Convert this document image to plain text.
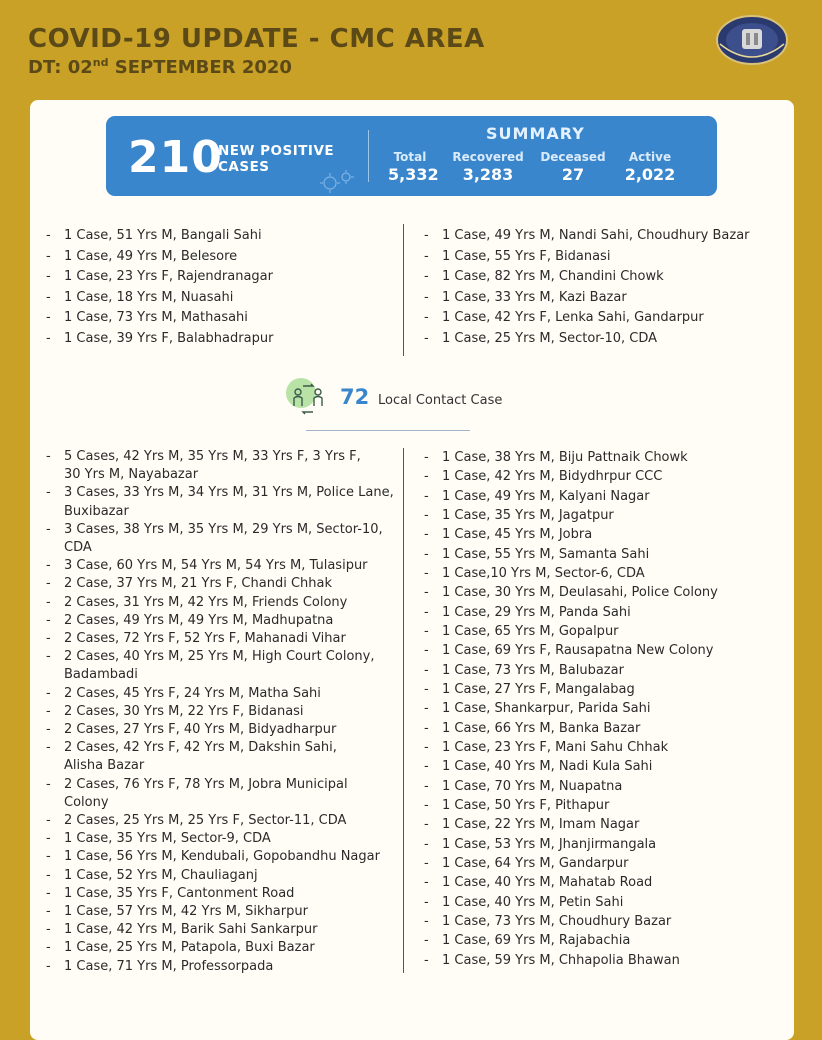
COVID-19 UPDATE - CMC AREA
DT: 02nd SEPTEMBER 2020
210
NEW POSITIVE
CASES
SUMMARY
Total
5,332
Recovered
3,283
Deceased
27
Active
2,022
- 1 Case, 51 Yrs M, Bangali Sahi
- 1 Case, 49 Yrs M, Belesore
- 1 Case, 23 Yrs F, Rajendranagar
- 1 Case, 18 Yrs M, Nuasahi
- 1 Case, 73 Yrs M, Mathasahi
- 1 Case, 39 Yrs F, Balabhadrapur
- 1 Case, 49 Yrs M, Nandi Sahi, Choudhury Bazar
- 1 Case, 55 Yrs F, Bidanasi
- 1 Case, 82 Yrs M, Chandini Chowk
- 1 Case, 33 Yrs M, Kazi Bazar
- 1 Case, 42 Yrs F, Lenka Sahi, Gandarpur
- 1 Case, 25 Yrs M, Sector-10, CDA
72 Local Contact Case
- 5 Cases, 42 Yrs M, 35 Yrs M, 33 Yrs F, 3 Yrs F,
30 Yrs M, Nayabazar
- 3 Cases, 33 Yrs M, 34 Yrs M, 31 Yrs M, Police Lane,
Buxibazar
- 3 Cases, 38 Yrs M, 35 Yrs M, 29 Yrs M, Sector-10,
CDA
- 3 Case, 60 Yrs M, 54 Yrs M, 54 Yrs M, Tulasipur
- 2 Case, 37 Yrs M, 21 Yrs F, Chandi Chhak
- 2 Cases, 31 Yrs M, 42 Yrs M, Friends Colony
- 2 Cases, 49 Yrs M, 49 Yrs M, Madhupatna
- 2 Cases, 72 Yrs F, 52 Yrs F, Mahanadi Vihar
- 2 Cases, 40 Yrs M, 25 Yrs M, High Court Colony,
Badambadi
- 2 Cases, 45 Yrs F, 24 Yrs M, Matha Sahi
- 2 Cases, 30 Yrs M, 22 Yrs F, Bidanasi
- 2 Cases, 27 Yrs F, 40 Yrs M, Bidyadharpur
- 2 Cases, 42 Yrs F, 42 Yrs M, Dakshin Sahi,
Alisha Bazar
- 2 Cases, 76 Yrs F, 78 Yrs M, Jobra Municipal
Colony
- 2 Cases, 25 Yrs M, 25 Yrs F, Sector-11, CDA
- 1 Case, 35 Yrs M, Sector-9, CDA
- 1 Case, 56 Yrs M, Kendubali, Gopobandhu Nagar
- 1 Case, 52 Yrs M, Chauliaganj
- 1 Case, 35 Yrs F, Cantonment Road
- 1 Case, 57 Yrs M, 42 Yrs M, Sikharpur
- 1 Case, 42 Yrs M, Barik Sahi Sankarpur
- 1 Case, 25 Yrs M, Patapola, Buxi Bazar
- 1 Case, 71 Yrs M, Professorpada
- 1 Case, 38 Yrs M, Biju Pattnaik Chowk
- 1 Case, 42 Yrs M, Bidydhrpur CCC
- 1 Case, 49 Yrs M, Kalyani Nagar
- 1 Case, 35 Yrs M, Jagatpur
- 1 Case, 45 Yrs M, Jobra
- 1 Case, 55 Yrs M, Samanta Sahi
- 1 Case,10 Yrs M, Sector-6, CDA
- 1 Case, 30 Yrs M, Deulasahi, Police Colony
- 1 Case, 29 Yrs M, Panda Sahi
- 1 Case, 65 Yrs M, Gopalpur
- 1 Case, 69 Yrs F, Rausapatna New Colony
- 1 Case, 73 Yrs M, Balubazar
- 1 Case, 27 Yrs F, Mangalabag
- 1 Case, Shankarpur, Parida Sahi
- 1 Case, 66 Yrs M, Banka Bazar
- 1 Case, 23 Yrs F, Mani Sahu Chhak
- 1 Case, 40 Yrs M, Nadi Kula Sahi
- 1 Case, 70 Yrs M, Nuapatna
- 1 Case, 50 Yrs F, Pithapur
- 1 Case, 22 Yrs M, Imam Nagar
- 1 Case, 53 Yrs M, Jhanjirmangala
- 1 Case, 64 Yrs M, Gandarpur
- 1 Case, 40 Yrs M, Mahatab Road
- 1 Case, 40 Yrs M, Petin Sahi
- 1 Case, 73 Yrs M, Choudhury Bazar
- 1 Case, 69 Yrs M, Rajabachia
- 1 Case, 59 Yrs M, Chhapolia Bhawan
